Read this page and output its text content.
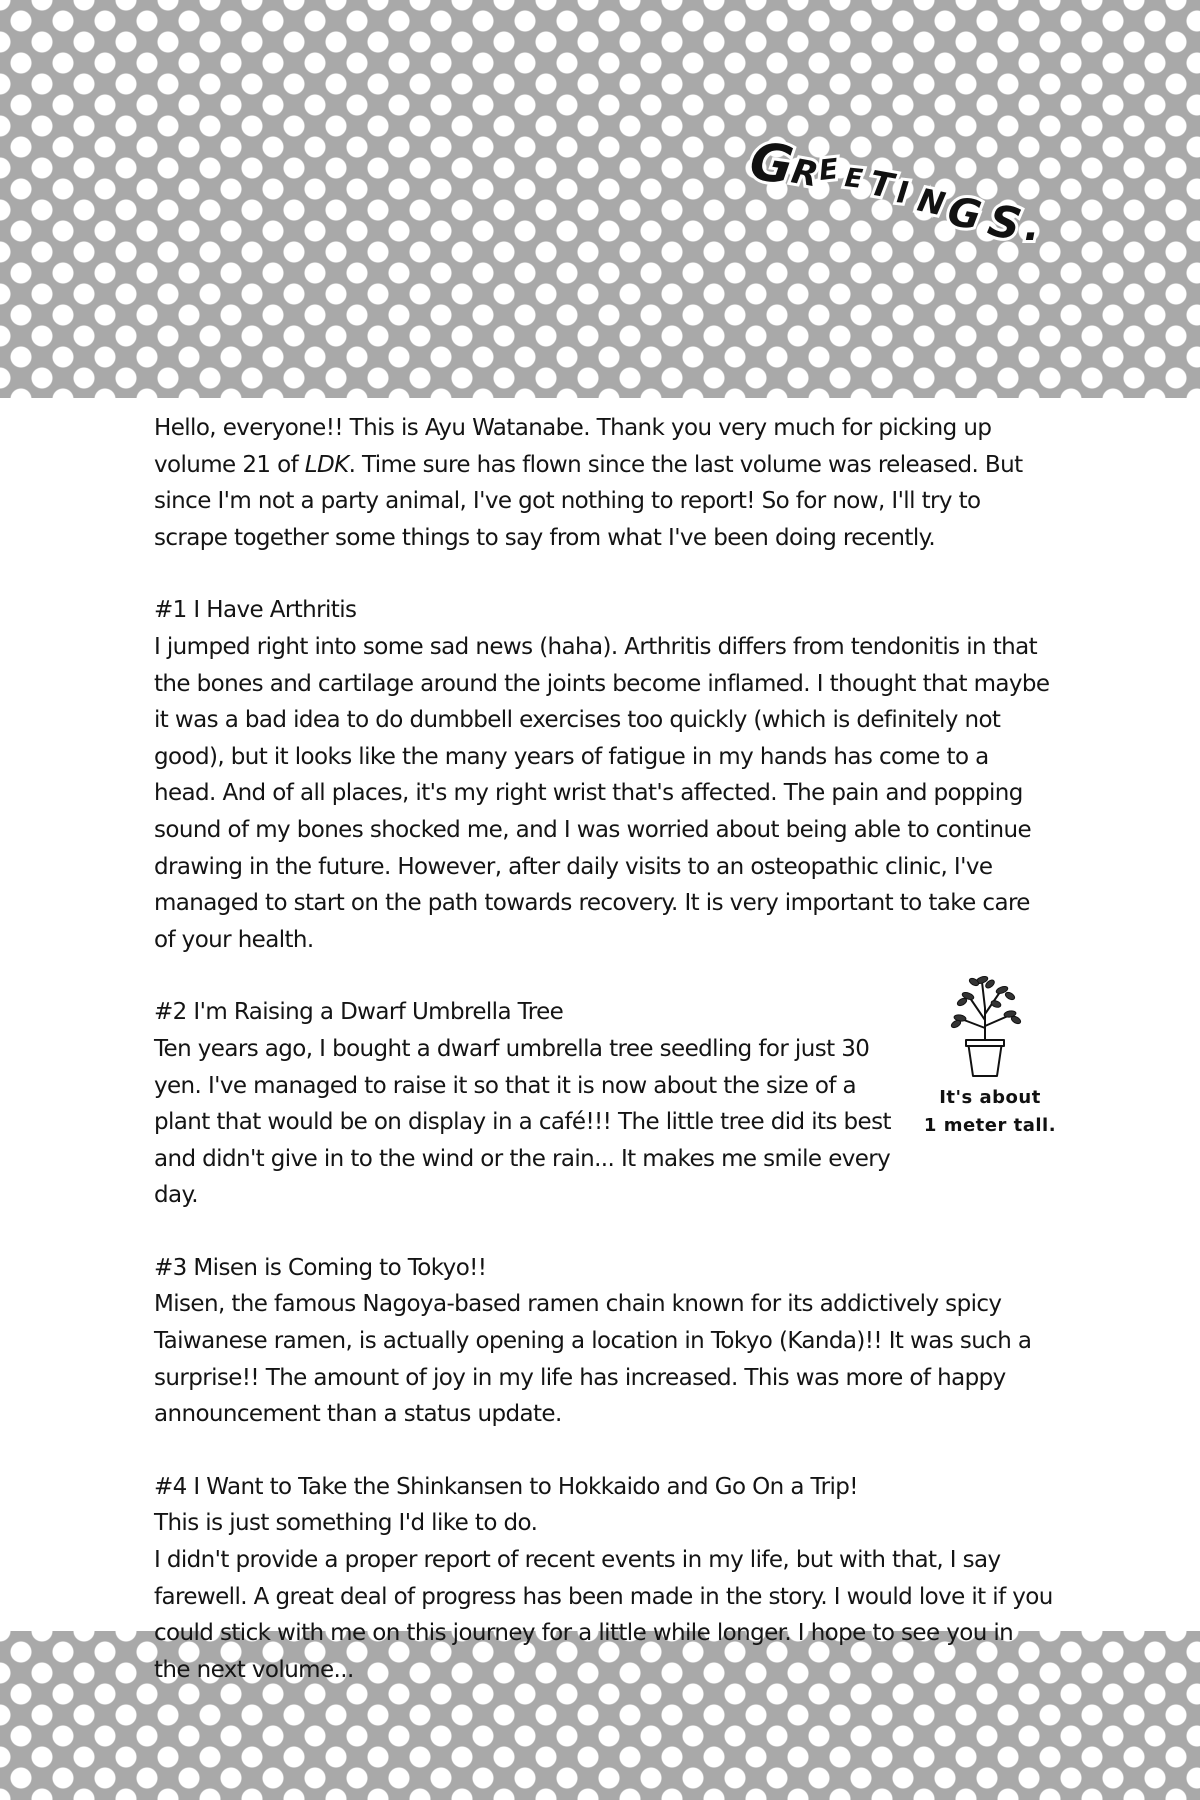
G
R
E E T
I N
G S
.

Hello, everyone!! This is Ayu Watanabe. Thank you very much for picking up volume 21 of LDK. Time sure has flown since the last volume was released. But since I'm not a party animal, I've got nothing to report! So for now, I'll try to scrape together some things to say from what I've been doing recently.

#1 I Have Arthritis
I jumped right into some sad news (haha). Arthritis differs from tendonitis in that the bones and cartilage around the joints become inflamed. I thought that maybe it was a bad idea to do dumbbell exercises too quickly (which is definitely not good), but it looks like the many years of fatigue in my hands has come to a head. And of all places, it's my right wrist that's affected. The pain and popping sound of my bones shocked me, and I was worried about being able to continue drawing in the future. However, after daily visits to an osteopathic clinic, I've managed to start on the path towards recovery. It is very important to take care of your health.

#2 I'm Raising a Dwarf Umbrella Tree
Ten years ago, I bought a dwarf umbrella tree seedling for just 30 yen. I've managed to raise it so that it is now about the size of a plant that would be on display in a café!!! The little tree did its best and didn't give in to the wind or the rain... It makes me smile every day.

#3 Misen is Coming to Tokyo!!
Misen, the famous Nagoya-based ramen chain known for its addictively spicy Taiwanese ramen, is actually opening a location in Tokyo (Kanda)!! It was such a surprise!! The amount of joy in my life has increased. This was more of happy announcement than a status update.

#4 I Want to Take the Shinkansen to Hokkaido and Go On a Trip!
This is just something I'd like to do.

I didn't provide a proper report of recent events in my life, but with that, I say farewell. A great deal of progress has been made in the story. I would love it if you could stick with me on this journey for a little while longer. I hope to see you in the next volume...

It's about
1 meter tall.
